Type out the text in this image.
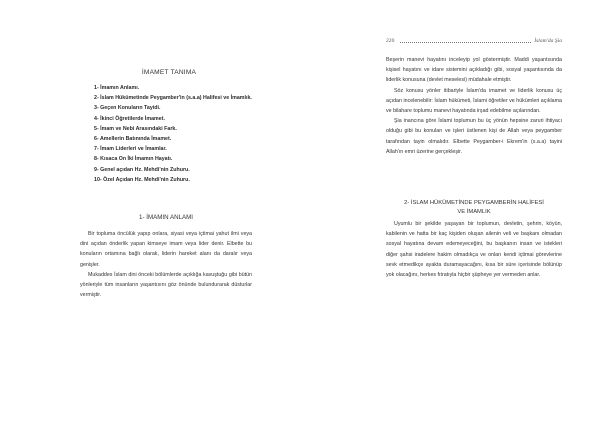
İMAMET TANIMA
1- İmamın Anlamı.
2- İslam Hükümetinde Peygamber'in (s.a.a) Halifesi ve İmamlık.
3- Geçen Konuların Tayidi.
4- İkinci Öğretilerde İmamet.
5- İmam ve Nebi Arasındaki Fark.
6- Amellerin Batınında İmamet.
7- İmam Liderleri ve İmamlar.
8- Kısaca On İki İmamın Hayatı.
9- Genel açıdan Hz. Mehdi'nin Zuhuru.
10- Özel Açıdan Hz. Mehdi'nin Zuhuru.
1- İMAMIN ANLAMI

Bir topluma öncülük yapıp onlara, siyasi veya içtimai yahut ilmi veya dini açıdan önderlik yapan kimseye imam veya lider denir. Elbette bu konuların ortamına bağlı olarak, liderin hareket alanı da daralır veya genişler.

Mukaddes İslam dini önceki bölümlerde açıklığa kavuştuğu gibi bütün yönleriyle tüm insanların yaşantısını göz önünde bulundurarak düsturlar vermiştir.

220	İslam'da Şia

Beşerin manevi hayatını inceleyip yol göstermiştir. Maddi yaşantısında kişisel hayatını ve idare sistemini açıkladığı gibi, sosyal yaşantısında da liderlik konusuna (devlet meselesi) müdahale etmiştir.

Söz konusu yönler itibariyle İslam'da imamet ve liderlik konusu üç açıdan incelenebilir: İslam hükümeti, İslami öğretiler ve hükümleri açıklama ve bilahare toplumu manevi hayatında irşad edebilme açılarından.

Şia inancına göre İslami toplumun bu üç yönün hepsine zaruri ihtiyacı olduğu gibi bu konuları ve işleri üstlenen kişi de Allah veya peygamber tarafından tayin olmalıdır. Elbette Peygamber-i Ekrem'in (s.a.a) tayini Allah'ın emri üzerine gerçekleşir.

2- İSLAM HÜKÜMETİNDE PEYGAMBERİN HALİFESİ
VE İMAMLIK

Uyumlu bir şekilde yaşayan bir toplumun, devletin, şehrin, köyün, kabilenin ve hatta bir kaç kişiden oluşan ailenin veli ve başkanı olmadan sosyal hayatına devam edemeyeceğini, bu başkanın insan ve istekleri diğer şahsi iradelere hakim olmadıkça ve onları kendi içtimai görevlerine sevk etmedikçe ayakta duramayacağını, kısa bir süre içerisinde bölünüp yok olacağını, herkes fıtratıyla hiçbir şüpheye yer vermeden anlar.
